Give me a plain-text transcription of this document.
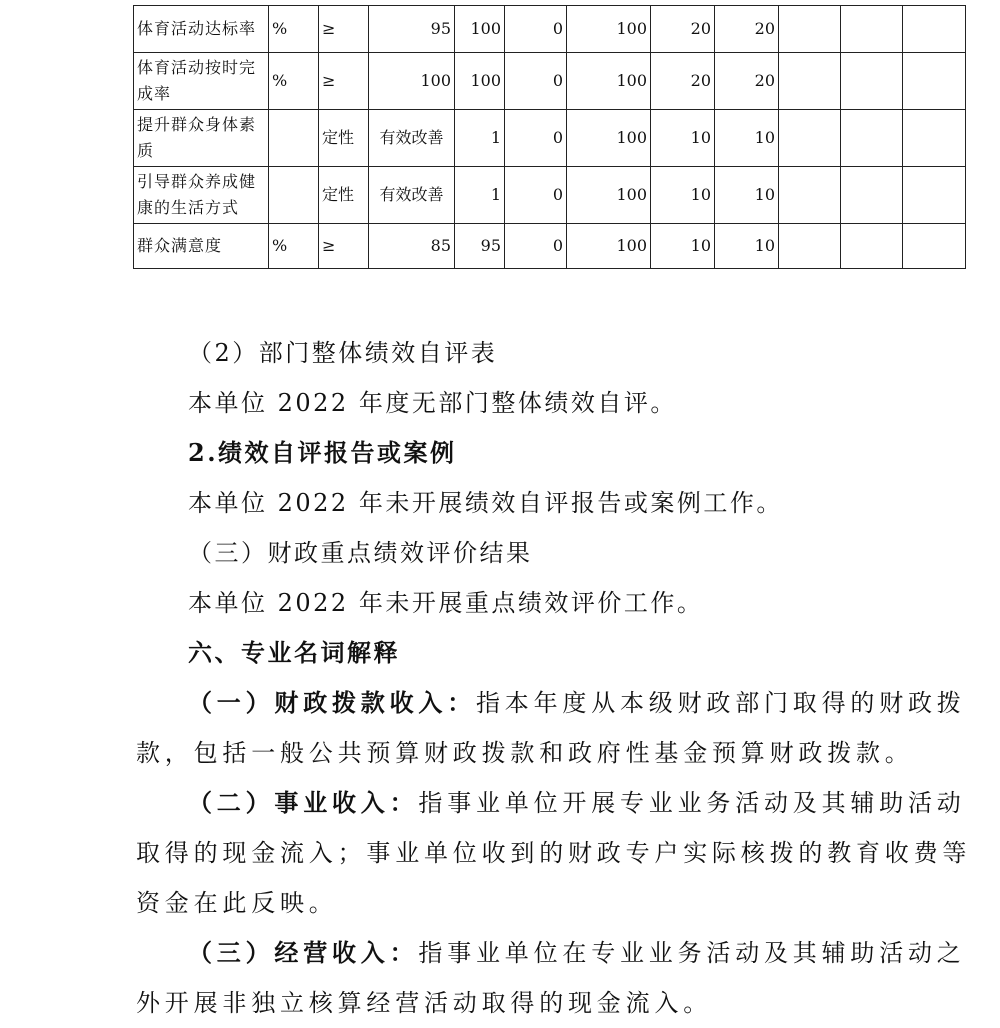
体育活动达标率	%	≥	95	100	0	100	20	20			
体育活动按时完成率	%	≥	100	100	0	100	20	20			
提升群众身体素质		定性	有效改善	1	0	100	10	10			
引导群众养成健康的生活方式		定性	有效改善	1	0	100	10	10			
群众满意度	%	≥	85	95	0	100	10	10			

（2）部门整体绩效自评表

本单位 2022 年度无部门整体绩效自评。

2.绩效自评报告或案例

本单位 2022 年未开展绩效自评报告或案例工作。

（三）财政重点绩效评价结果

本单位 2022 年未开展重点绩效评价工作。

六、专业名词解释

（一）财政拨款收入：指本年度从本级财政部门取得的财政拨款，包括一般公共预算财政拨款和政府性基金预算财政拨款。

（二）事业收入：指事业单位开展专业业务活动及其辅助活动取得的现金流入；事业单位收到的财政专户实际核拨的教育收费等资金在此反映。

（三）经营收入：指事业单位在专业业务活动及其辅助活动之外开展非独立核算经营活动取得的现金流入。
